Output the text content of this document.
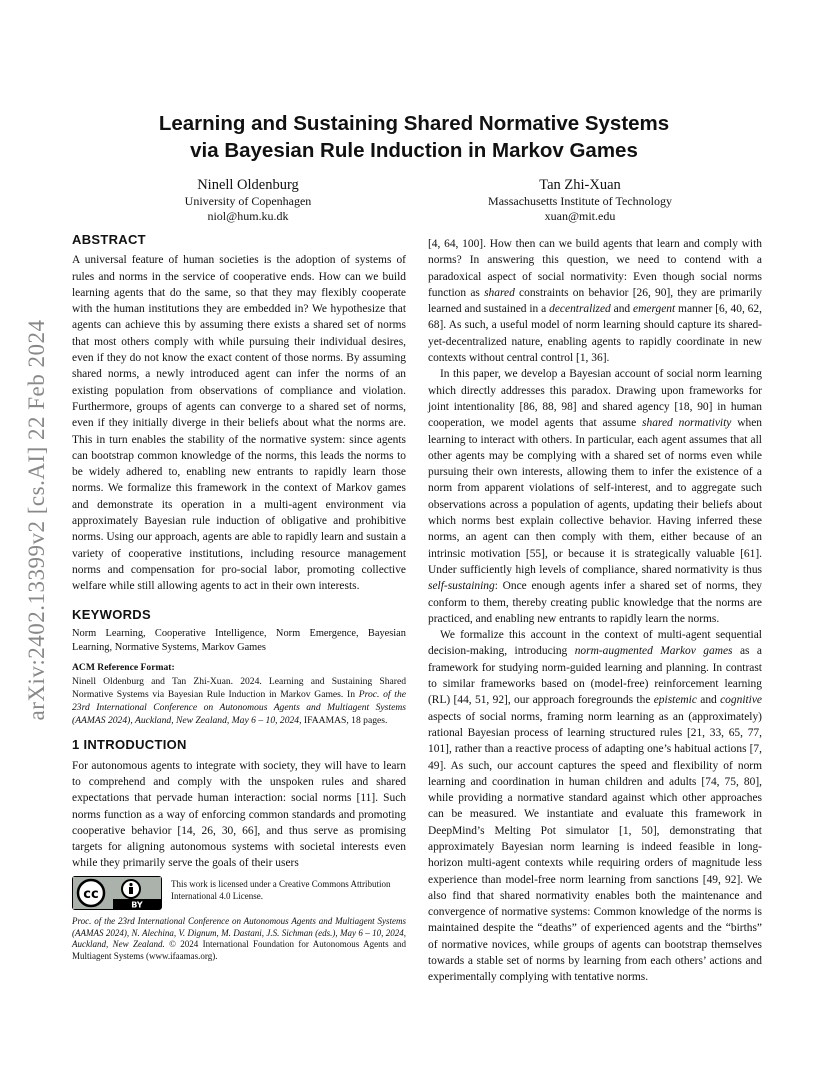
arXiv:2402.13399v2 [cs.AI] 22 Feb 2024
Learning and Sustaining Shared Normative Systems
via Bayesian Rule Induction in Markov Games
Ninell Oldenburg
University of Copenhagen
niol@hum.ku.dk
Tan Zhi-Xuan
Massachusetts Institute of Technology
xuan@mit.edu
ABSTRACT

A universal feature of human societies is the adoption of systems of rules and norms in the service of cooperative ends. How can we build learning agents that do the same, so that they may flexibly cooperate with the human institutions they are embedded in? We hypothesize that agents can achieve this by assuming there exists a shared set of norms that most others comply with while pursuing their individual desires, even if they do not know the exact content of those norms. By assuming shared norms, a newly introduced agent can infer the norms of an existing population from observations of compliance and violation. Furthermore, groups of agents can converge to a shared set of norms, even if they initially diverge in their beliefs about what the norms are. This in turn enables the stability of the normative system: since agents can bootstrap common knowledge of the norms, this leads the norms to be widely adhered to, enabling new entrants to rapidly learn those norms. We formalize this framework in the context of Markov games and demonstrate its operation in a multi-agent environment via approximately Bayesian rule induction of obligative and prohibitive norms. Using our approach, agents are able to rapidly learn and sustain a variety of cooperative institutions, including resource management norms and compensation for pro-social labor, promoting collective welfare while still allowing agents to act in their own interests.

KEYWORDS

Norm Learning, Cooperative Intelligence, Norm Emergence, Bayesian Learning, Normative Systems, Markov Games

ACM Reference Format:

Ninell Oldenburg and Tan Zhi-Xuan. 2024. Learning and Sustaining Shared Normative Systems via Bayesian Rule Induction in Markov Games. In Proc. of the 23rd International Conference on Autonomous Agents and Multiagent Systems (AAMAS 2024), Auckland, New Zealand, May 6 – 10, 2024, IFAAMAS, 18 pages.

1 INTRODUCTION

For autonomous agents to integrate with society, they will have to learn to comprehend and comply with the unspoken rules and shared expectations that pervade human interaction: social norms [11]. Such norms function as a way of enforcing common standards and promoting cooperative behavior [14, 26, 30, 66], and thus serve as promising targets for aligning autonomous systems with societal interests even while they primarily serve the goals of their users

cc
BY
This work is licensed under a Creative Commons Attribution International 4.0 License.
Proc. of the 23rd International Conference on Autonomous Agents and Multiagent Systems (AAMAS 2024), N. Alechina, V. Dignum, M. Dastani, J.S. Sichman (eds.), May 6 – 10, 2024, Auckland, New Zealand. © 2024 International Foundation for Autonomous Agents and Multiagent Systems (www.ifaamas.org).

[4, 64, 100]. How then can we build agents that learn and comply with norms? In answering this question, we need to contend with a paradoxical aspect of social normativity: Even though social norms function as shared constraints on behavior [26, 90], they are primarily learned and sustained in a decentralized and emergent manner [6, 40, 62, 68]. As such, a useful model of norm learning should capture its shared-yet-decentralized nature, enabling agents to rapidly coordinate in new contexts without central control [1, 36].

In this paper, we develop a Bayesian account of social norm learning which directly addresses this paradox. Drawing upon frameworks for joint intentionality [86, 88, 98] and shared agency [18, 90] in human cooperation, we model agents that assume shared normativity when learning to interact with others. In particular, each agent assumes that all other agents may be complying with a shared set of norms even while pursuing their own interests, allowing them to infer the existence of a norm from apparent violations of self-interest, and to aggregate such observations across a population of agents, updating their beliefs about which norms best explain collective behavior. Having inferred these norms, an agent can then comply with them, either because of an intrinsic motivation [55], or because it is strategically valuable [61]. Under sufficiently high levels of compliance, shared normativity is thus self-sustaining: Once enough agents infer a shared set of norms, they conform to them, thereby creating public knowledge that the norms are practiced, and enabling new entrants to rapidly learn the norms.

We formalize this account in the context of multi-agent sequential decision-making, introducing norm-augmented Markov games as a framework for studying norm-guided learning and planning. In contrast to similar frameworks based on (model-free) reinforcement learning (RL) [44, 51, 92], our approach foregrounds the epistemic and cognitive aspects of social norms, framing norm learning as an (approximately) rational Bayesian process of learning structured rules [21, 33, 65, 77, 101], rather than a reactive process of adapting one’s habitual actions [7, 49]. As such, our account captures the speed and flexibility of norm learning and coordination in human children and adults [74, 75, 80], while providing a normative standard against which other approaches can be measured. We instantiate and evaluate this framework in DeepMind’s Melting Pot simulator [1, 50], demonstrating that approximately Bayesian norm learning is indeed feasible in long-horizon multi-agent contexts while requiring orders of magnitude less experience than model-free norm learning from sanctions [49, 92]. We also find that shared normativity enables both the maintenance and convergence of normative systems: Common knowledge of the norms is maintained despite the “deaths” of experienced agents and the “births” of normative novices, while groups of agents can bootstrap themselves towards a stable set of norms by learning from each others’ actions and experimentally complying with tentative norms.
